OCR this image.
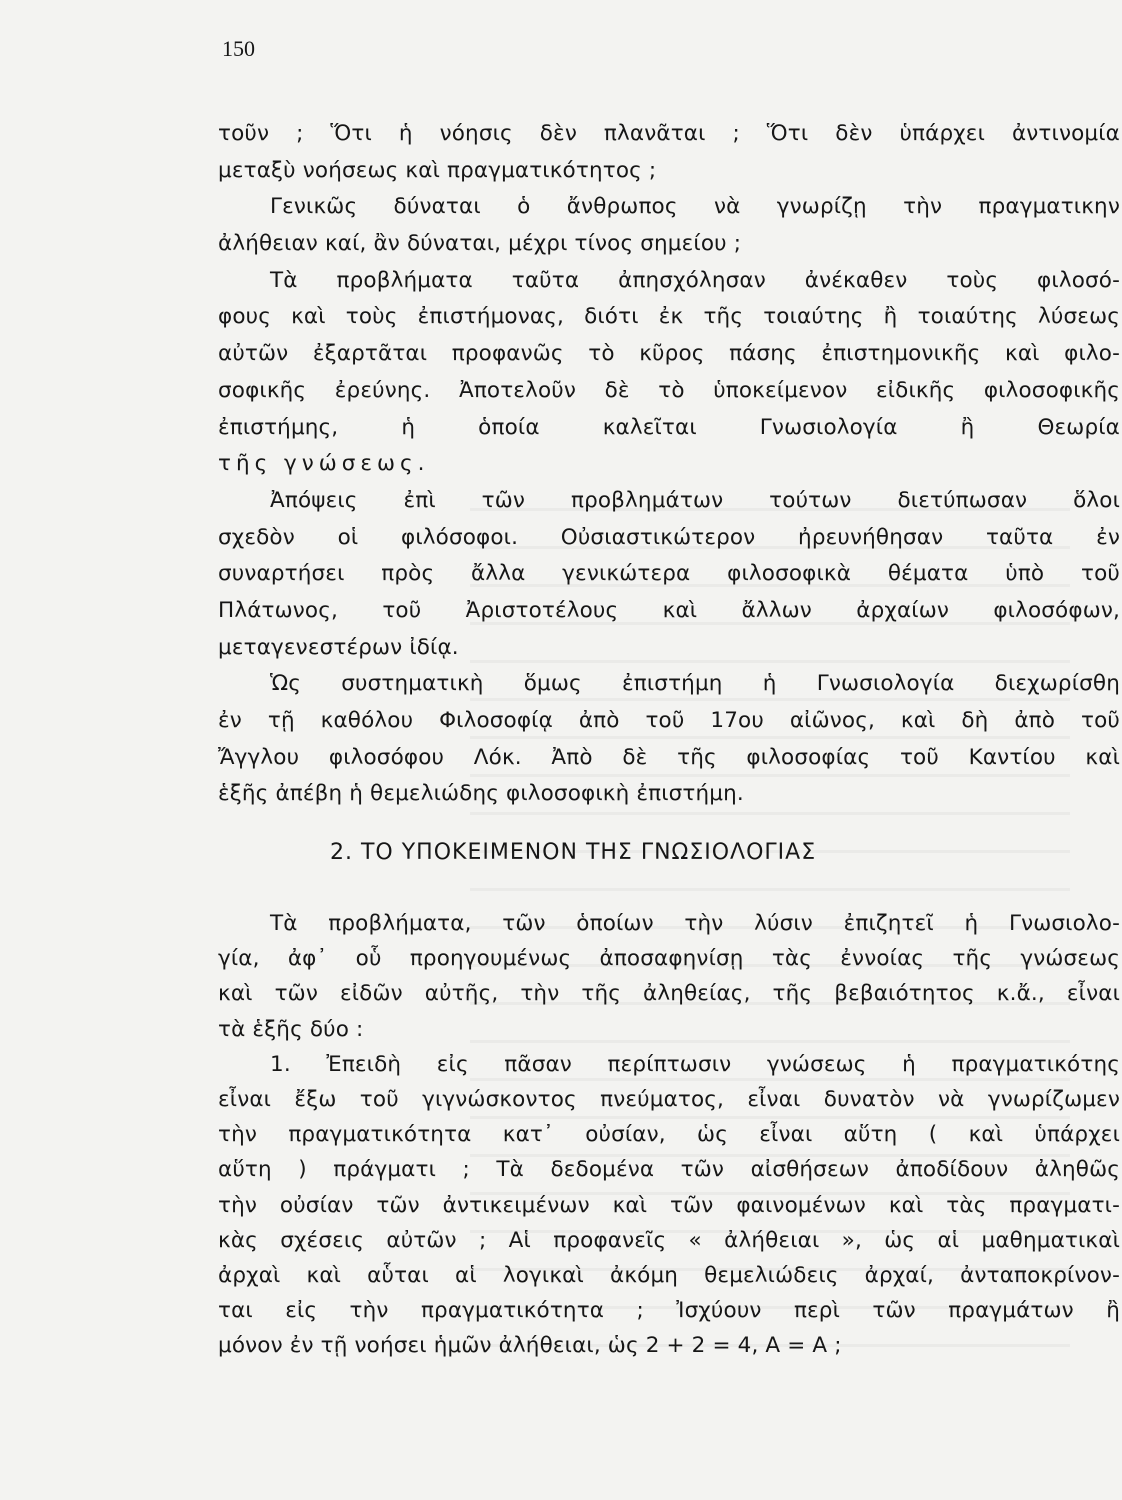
150
τοῦν ; Ὅτι ἡ νόησις δὲν πλανᾶται ; Ὅτι δὲν ὑπάρχει ἀντινομία
μεταξὺ νοήσεως καὶ πραγματικότητος ;
Γενικῶς δύναται ὁ ἄνθρωπος νὰ γνωρίζῃ τὴν πραγματικην
ἀλήθειαν καί, ἂν δύναται, μέχρι τίνος σημείου ;
Τὰ προβλήματα ταῦτα ἀπησχόλησαν ἀνέκαθεν τοὺς φιλοσό-
φους καὶ τοὺς ἐπιστήμονας, διότι ἐκ τῆς τοιαύτης ἢ τοιαύτης λύσεως
αὐτῶν ἐξαρτᾶται προφανῶς τὸ κῦρος πάσης ἐπιστημονικῆς καὶ φιλο-
σοφικῆς ἐρεύνης. Ἀποτελοῦν δὲ τὸ ὑποκείμενον εἰδικῆς φιλοσοφικῆς
ἐπιστήμης, ἡ ὁποία καλεῖται Γνωσιολογία ἢ Θεωρία
τῆς γνώσεως.
Ἀπόψεις ἐπὶ τῶν προβλημάτων τούτων διετύπωσαν ὅλοι
σχεδὸν οἱ φιλόσοφοι. Οὐσιαστικώτερον ἠρευνήθησαν ταῦτα ἐν
συναρτήσει πρὸς ἄλλα γενικώτερα φιλοσοφικὰ θέματα ὑπὸ τοῦ
Πλάτωνος, τοῦ Ἀριστοτέλους καὶ ἄλλων ἀρχαίων φιλοσόφων,
μεταγενεστέρων ἰδίᾳ.
Ὡς συστηματικὴ ὅμως ἐπιστήμη ἡ Γνωσιολογία διεχωρίσθη
ἐν τῇ καθόλου Φιλοσοφίᾳ ἀπὸ τοῦ 17ου αἰῶνος, καὶ δὴ ἀπὸ τοῦ
Ἄγγλου φιλοσόφου Λόκ. Ἀπὸ δὲ τῆς φιλοσοφίας τοῦ Καντίου καὶ
ἑξῆς ἀπέβη ἡ θεμελιώδης φιλοσοφικὴ ἐπιστήμη.
2. ΤΟ ΥΠΟΚΕΙΜΕΝΟΝ ΤΗΣ ΓΝΩΣΙΟΛΟΓΙΑΣ
Τὰ προβλήματα, τῶν ὁποίων τὴν λύσιν ἐπιζητεῖ ἡ Γνωσιολο-
γία, ἀφ᾽ οὗ προηγουμένως ἀποσαφηνίσῃ τὰς ἐννοίας τῆς γνώσεως
καὶ τῶν εἰδῶν αὐτῆς, τὴν τῆς ἀληθείας, τῆς βεβαιότητος κ.ἄ., εἶναι
τὰ ἑξῆς δύο :
1. Ἐπειδὴ εἰς πᾶσαν περίπτωσιν γνώσεως ἡ πραγματικότης
εἶναι ἔξω τοῦ γιγνώσκοντος πνεύματος, εἶναι δυνατὸν νὰ γνωρίζωμεν
τὴν πραγματικότητα κατ᾽ οὐσίαν, ὡς εἶναι αὕτη ( καὶ ὑπάρχει
αὕτη ) πράγματι ; Τὰ δεδομένα τῶν αἰσθήσεων ἀποδίδουν ἀληθῶς
τὴν οὐσίαν τῶν ἀντικειμένων καὶ τῶν φαινομένων καὶ τὰς πραγματι-
κὰς σχέσεις αὐτῶν ; Αἱ προφανεῖς « ἀλήθειαι », ὡς αἱ μαθηματικαὶ
ἀρχαὶ καὶ αὗται αἱ λογικαὶ ἀκόμη θεμελιώδεις ἀρχαί, ἀνταποκρίνον-
ται εἰς τὴν πραγματικότητα ; Ἰσχύουν περὶ τῶν πραγμάτων ἢ
μόνον ἐν τῇ νοήσει ἡμῶν ἀλήθειαι, ὡς 2 + 2 = 4, Α = Α ;
